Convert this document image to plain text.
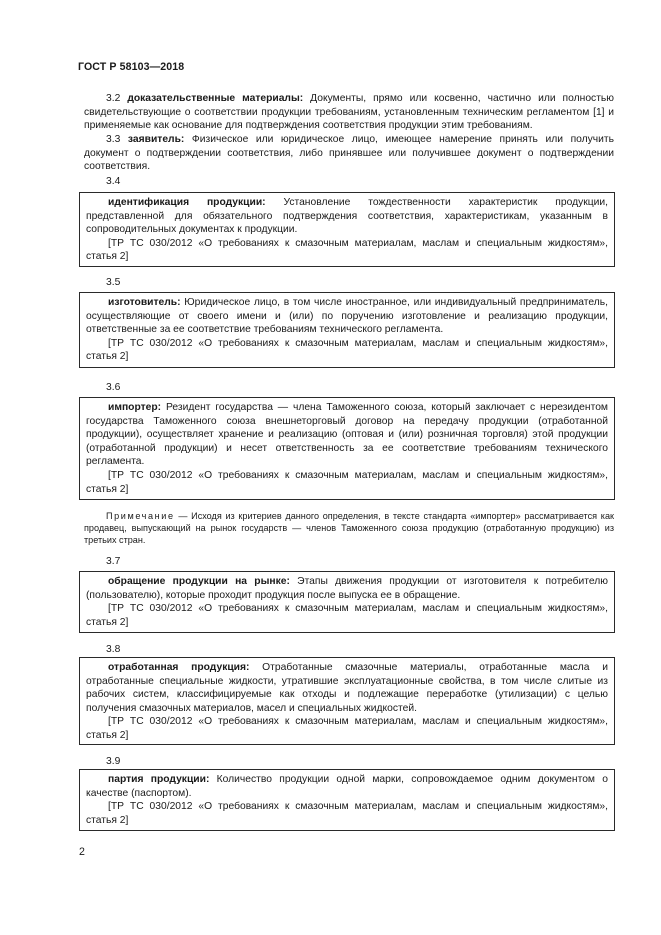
ГОСТ Р 58103—2018

3.2 доказательственные материалы: Документы, прямо или косвенно, частично или полностью свидетельствующие о соответствии продукции требованиям, установленным техническим регламентом [1] и применяемые как основание для подтверждения соответствия продукции этим требованиям.

3.3 заявитель: Физическое или юридическое лицо, имеющее намерение принять или получить документ о подтверждении соответствия, либо принявшее или получившее документ о подтверждении соответствия.

3.4

идентификация продукции: Установление тождественности характеристик продукции, представленной для обязательного подтверждения соответствия, характеристикам, указанным в сопроводительных документах к продукции.

[ТР ТС 030/2012 «О требованиях к смазочным материалам, маслам и специальным жидкостям», статья 2]

3.5

изготовитель: Юридическое лицо, в том числе иностранное, или индивидуальный предприниматель, осуществляющие от своего имени и (или) по поручению изготовление и реализацию продукции, ответственные за ее соответствие требованиям технического регламента.

[ТР ТС 030/2012 «О требованиях к смазочным материалам, маслам и специальным жидкостям», статья 2]

3.6

импортер: Резидент государства — члена Таможенного союза, который заключает с нерезидентом государства Таможенного союза внешнеторговый договор на передачу продукции (отработанной продукции), осуществляет хранение и реализацию (оптовая и (или) розничная торговля) этой продукции (отработанной продукции) и несет ответственность за ее соответствие требованиям технического регламента.

[ТР ТС 030/2012 «О требованиях к смазочным материалам, маслам и специальным жидкостям», статья 2]

Примечание — Исходя из критериев данного определения, в тексте стандарта «импортер» рассматривается как продавец, выпускающий на рынок государств — членов Таможенного союза продукцию (отработанную продукцию) из третьих стран.

3.7

обращение продукции на рынке: Этапы движения продукции от изготовителя к потребителю (пользователю), которые проходит продукция после выпуска ее в обращение.

[ТР ТС 030/2012 «О требованиях к смазочным материалам, маслам и специальным жидкостям», статья 2]

3.8

отработанная продукция: Отработанные смазочные материалы, отработанные масла и отработанные специальные жидкости, утратившие эксплуатационные свойства, в том числе слитые из рабочих систем, классифицируемые как отходы и подлежащие переработке (утилизации) с целью получения смазочных материалов, масел и специальных жидкостей.

[ТР ТС 030/2012 «О требованиях к смазочным материалам, маслам и специальным жидкостям», статья 2]

3.9

партия продукции: Количество продукции одной марки, сопровождаемое одним документом о качестве (паспортом).

[ТР ТС 030/2012 «О требованиях к смазочным материалам, маслам и специальным жидкостям», статья 2]

2
